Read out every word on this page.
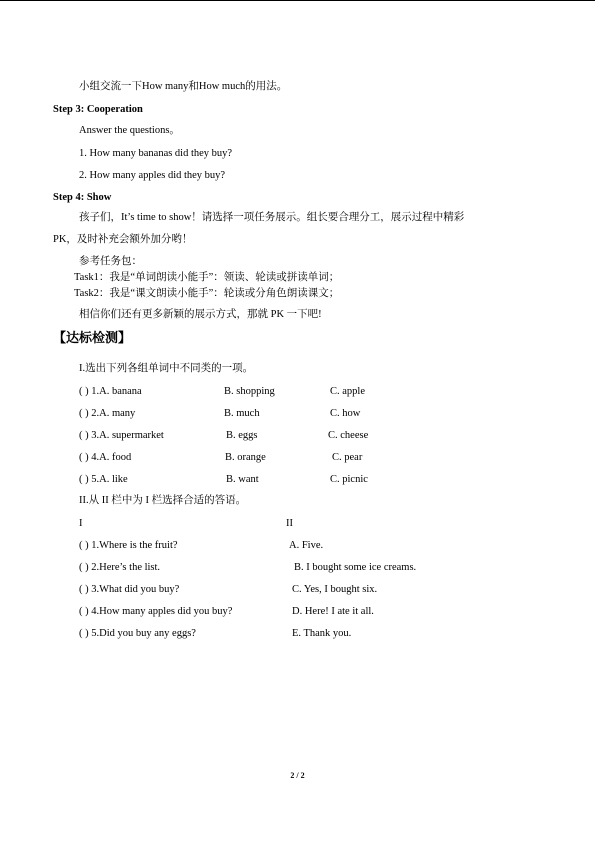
小组交流一下How many和How much的用法。
Step 3: Cooperation
Answer the questions。
1. How many bananas did they buy?
2. How many apples did they buy?
Step 4: Show
孩子们，It’s time to show！请选择一项任务展示。组长要合理分工，展示过程中精彩
PK，及时补充会额外加分哟！
参考任务包：
Task1：我是“单词朗读小能手”：领读、轮读或拼读单词；
Task2：我是“课文朗读小能手”：轮读或分角色朗读课文；
相信你们还有更多新颖的展示方式，那就 PK 一下吧!
【达标检测】
I.选出下列各组单词中不同类的一项。
( ) 1.A. banana	B. shopping	C. apple
( ) 2.A. many	B. much	C. how
( ) 3.A. supermarket	B. eggs	C. cheese
( ) 4.A. food	B. orange	C. pear
( ) 5.A. like	B. want	C. picnic
II.从 II 栏中为 I 栏选择合适的答语。
I	II
( ) 1.Where is the fruit?	A. Five.
( ) 2.Here’s the list.	B. I bought some ice creams.
( ) 3.What did you buy?	C. Yes, I bought six.
( ) 4.How many apples did you buy?	D. Here! I ate it all.
( ) 5.Did you buy any eggs?	E. Thank you.
2 / 2
